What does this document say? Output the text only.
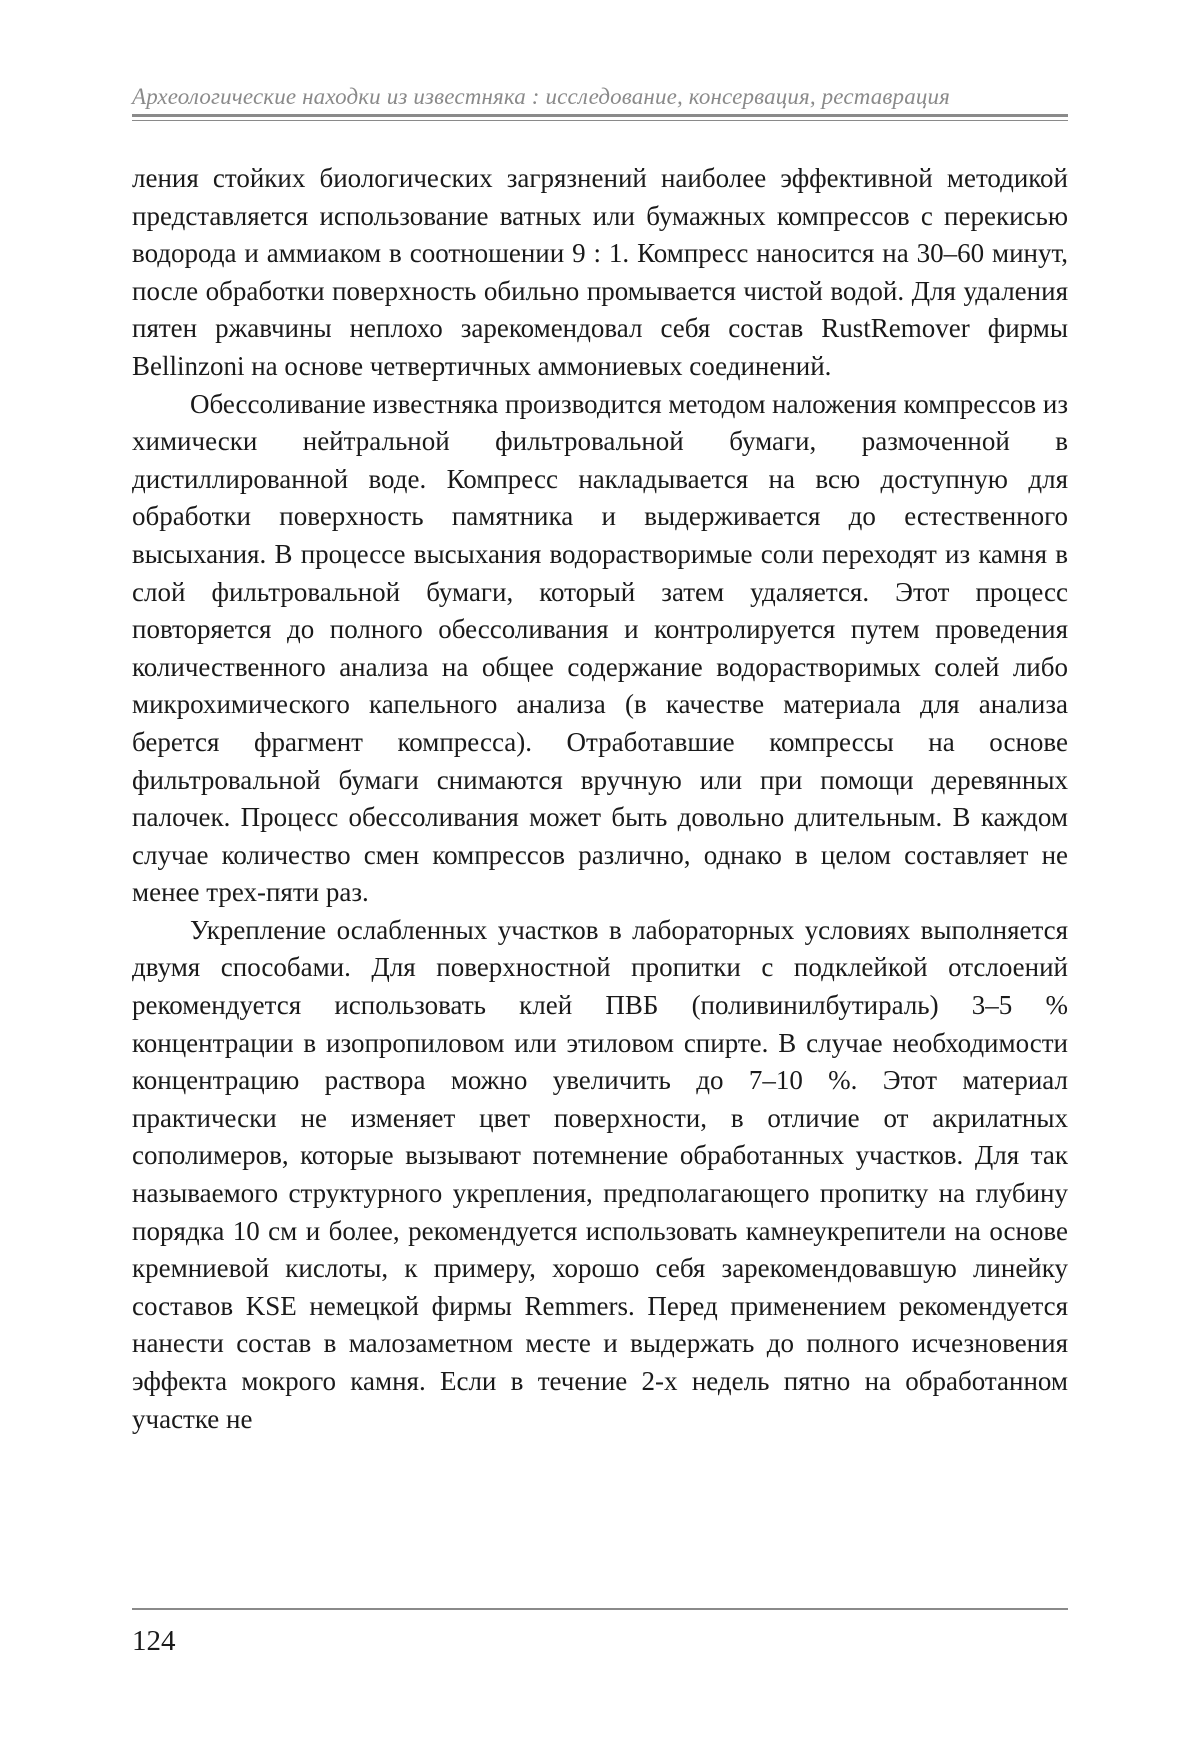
Археологические находки из известняка : исследование, консервация, реставрация

ления стойких биологических загрязнений наиболее эффективной методикой представляется использование ватных или бумажных компрессов с перекисью водорода и аммиаком в соотношении 9 : 1. Компресс наносится на 30–60 минут, после обработки поверхность обильно промывается чистой водой. Для удаления пятен ржавчины неплохо зарекомендовал себя состав RustRemover фирмы Bellinzoni на основе четвертичных аммониевых соединений.

Обессоливание известняка производится методом наложения компрессов из химически нейтральной фильтровальной бумаги, размоченной в дистиллированной воде. Компресс накладывается на всю доступную для обработки поверхность памятника и выдерживается до естественного высыхания. В процессе высыхания водорастворимые соли переходят из камня в слой фильтровальной бумаги, который затем удаляется. Этот процесс повторяется до полного обессоливания и контролируется путем проведения количественного анализа на общее содержание водорастворимых солей либо микрохимического капельного анализа (в качестве материала для анализа берется фрагмент компресса). Отработавшие компрессы на основе фильтровальной бумаги снимаются вручную или при помощи деревянных палочек. Процесс обессоливания может быть довольно длительным. В каждом случае количество смен компрессов различно, однако в целом составляет не менее трех-пяти раз.

Укрепление ослабленных участков в лабораторных условиях выполняется двумя способами. Для поверхностной пропитки с подклейкой отслоений рекомендуется использовать клей ПВБ (поливинилбутираль) 3–5 % концентрации в изопропиловом или этиловом спирте. В случае необходимости концентрацию раствора можно увеличить до 7–10 %. Этот материал практически не изменяет цвет поверхности, в отличие от акрилатных сополимеров, которые вызывают потемнение обработанных участков. Для так называемого структурного укрепления, предполагающего пропитку на глубину порядка 10 см и более, рекомендуется использовать камнеукрепители на основе кремниевой кислоты, к примеру, хорошо себя зарекомендовавшую линейку составов KSE немецкой фирмы Remmers. Перед применением рекомендуется нанести состав в малозаметном месте и выдержать до полного исчезновения эффекта мокрого камня. Если в течение 2-х недель пятно на обработанном участке не

124
